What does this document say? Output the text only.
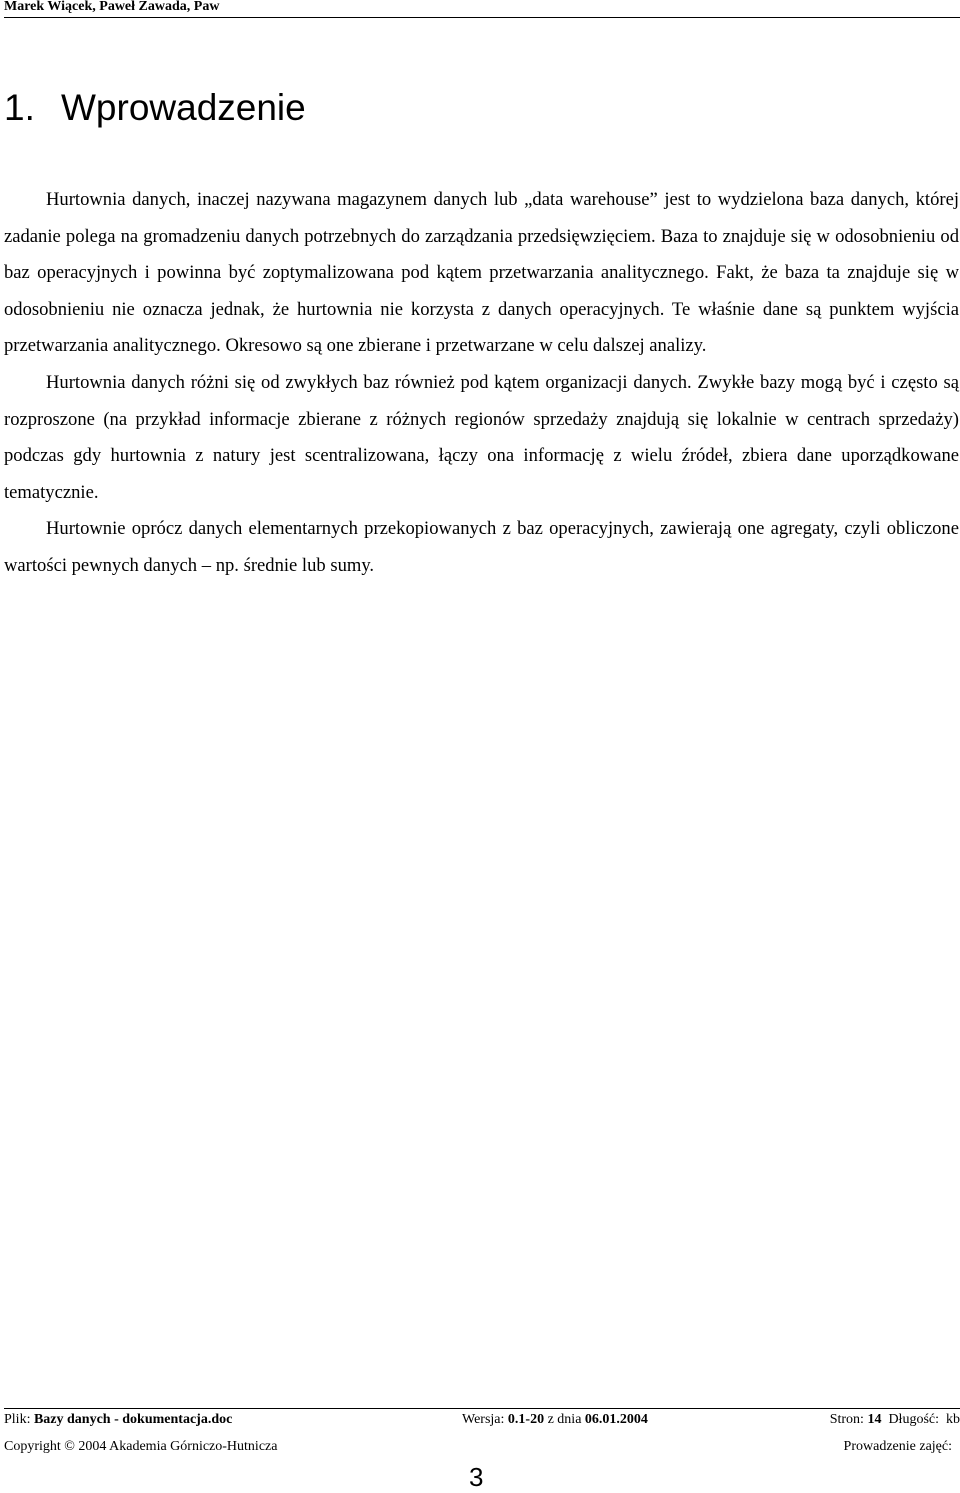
Marek Wiącek, Paweł Zawada, Paw
1. Wprowadzenie

Hurtownia danych, inaczej nazywana magazynem danych lub „data warehouse” jest to wydzielona baza danych, której zadanie polega na gromadzeniu danych potrzebnych do zarządzania przedsięwzięciem. Baza to znajduje się w odosobnieniu od baz operacyjnych i powinna być zoptymalizowana pod kątem przetwarzania analitycznego. Fakt, że baza ta znajduje się w odosobnieniu nie oznacza jednak, że hurtownia nie korzysta z danych operacyjnych. Te właśnie dane są punktem wyjścia przetwarzania analitycznego. Okresowo są one zbierane i przetwarzane w celu dalszej analizy.

Hurtownia danych różni się od zwykłych baz również pod kątem organizacji danych. Zwykłe bazy mogą być i często są rozproszone (na przykład informacje zbierane z różnych regionów sprzedaży znajdują się lokalnie w centrach sprzedaży) podczas gdy hurtownia z natury jest scentralizowana, łączy ona informację z wielu źródeł, zbiera dane uporządkowane tematycznie.

Hurtownie oprócz danych elementarnych przekopiowanych z baz operacyjnych, zawierają one agregaty, czyli obliczone wartości pewnych danych – np. średnie lub sumy.

Plik: Bazy danych - dokumentacja.doc	Wersja: 0.1-20 z dnia 06.01.2004	Stron: 14 Długość: kb
Copyright © 2004 Akademia Górniczo-Hutnicza	Prowadzenie zajęć:
3
